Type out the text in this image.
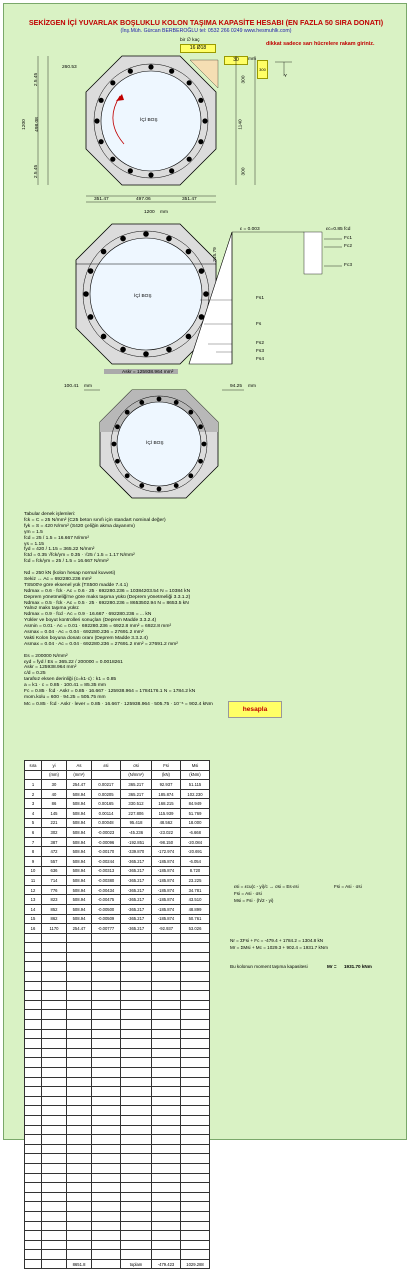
SEKİZGEN İÇİ YUVARLAK BOŞLUKLU KOLON TAŞIMA KAPASİTE HESABI (EN FAZLA 50 SIRA DONATI)
(İnş.Müh. Gürcan BERBEROĞLU tel: 0532 266 0249 www.hesmuhlk.com)
dikkat sadece sarı hücrelere rakam giriniz.
bir ∅ kaç
16 Ø18
30	mm
300
260.53
2.5.45
498.08
2.5.45
1200	İÇİ BOŞ
300
1140
300
351.47	497.06	351.47
1200 mm
Y
ε = 0.003	εc=0.85 fcd
315.79
İÇİ BOŞ
Fc1
Fc2
Fc3
Fs1
Fs
Fs2
Fs3
Fs4
Askr = 125938.964 mm²
100.41 mm	94.25 mm
İÇİ BOŞ
Tabular denek işlemleri:
fck = C = 25 N/mm² (C25 beton sınıfı için standart nominal değer)
fyk = S = 420 N/mm² (S420 çeliğin akma dayanımı)
γm = 1.5
fcd = 25 / 1.5 = 16.667 N/mm²
γs = 1.15
fyd = 420 / 1.15 = 365.22 N/mm²
fctd = 0.35 √fck/γm = 0.35 · √25 / 1.5 = 1.17 N/mm²
fcd = fck/γm = 25 / 1.5 = 16.667 N/mm²
Nd = 250 kN (kolon hesap normal kuvveti)
Sekiz ↔ Ac = 692280.236 mm²
TS500'e göre eksenel yük (TS500 madde 7.4.1)
Ndmax = 0.6 · fck · Ac = 0.6 · 25 · 692280.236 = 10384203.54 N = 10384 kN
Deprem yönetmeliği'ne göre maks taşıma yükü (Deprem yönetmeliği 3.3.1.2)
Ndmax = 0.5 · fck · Ac = 0.5 · 25 · 692280.236 = 8653502.94 N = 8653.5 kN
Yalnız maks taşıma yükü:
Ndmax = 0.9 · fcd · Ac = 0.9 · 16.667 · 692280.236 = ... kN
Yükler ve boyut kontrolleri sonuçları (Deprem Madde 3.3.2.4)
Asmin = 0.01 · Ac = 0.01 · 692280.236 = 6922.8 mm² = 6922.8 mm²
Asmax = 0.04 · Ac = 0.04 · 692280.236 = 27691.2 mm²
Vakti Kolon boyuna donatı oranı (Deprem Madde 3.3.2.4)
Asmax = 0.04 · Ac = 0.04 · 692280.236 = 27691.2 mm² = 27691.2 mm²
Es = 200000 N/mm²
εyd = fyd / Es = 365.22 / 200000 = 0.0018261
Askr = 125938.964 mm²
c/d = 0.25
tarafsız eksen derinliği (c=k1·c) : k1 = 0.85
a = k1 · c = 0.85 · 100.41 = 85.35 mm
Fc = 0.85 · fcd · Askr = 0.85 · 16.667 · 125938.964 = 1784176.1 N = 1784.2 kN
mom.kolu = 600 · 94.25 = 505.75 mm
Mc = 0.85 · fcd · Askr · lever = 0.85 · 16.667 · 125938.964 · 505.75 · 10⁻⁶ = 902.4 kNm
hesapla
sıra	yi	As	εsi	σsi	Fsi	Msi
	(mm)	(mm²)		(N/mm²)	(kN)	(kNm)
1	30	254.47	0.00217	365.217	92.937	51.115
2	40	508.94	0.00205	365.217	185.874	102.230
3	86	508.94	0.00165	330.512	168.215	84.949
4	145	508.94	0.00114	227.806	115.939	51.769
5	221	508.94	0.00048	95.418	48.562	18.000
6	302	508.94	-0.00023	-45.236	-23.022	-6.668
7	387	508.94	-0.00096	-192.851	-98.150	-20.084
8	472	508.94	-0.00170	-339.870	-172.974	-20.691
9	557	508.94	-0.00244	-365.217	-185.874	-6.054
10	636	508.94	-0.00313	-365.217	-185.874	8.720
11	714	508.94	-0.00380	-365.217	-185.874	23.225
12	776	508.94	-0.00434	-365.217	-185.874	34.781
13	823	508.94	-0.00475	-365.217	-185.874	43.510
14	852	508.94	-0.00500	-365.217	-185.874	48.899
15	862	508.94	-0.00509	-365.217	-185.874	50.761
16	1170	254.47	-0.00777	-365.217	-92.937	53.026

		8651.8		toplam	-479.423	1029.288
εsi = εcu(c - yi)/c → σsi = Es·εsi
Fsi = Asi · σsi
Msi = Fsi · (h/2 - yi)
Fsi = Asi · σsi
Nr = ΣFsi + Fc = -479.4 + 1784.2 = 1304.8 kN
Mr = ΣMsi + Mc = 1029.3 + 902.4 = 1931.7 kNm
Bu kolonun moment taşıma kapasitesi	Mr = 1931.70 kNm
